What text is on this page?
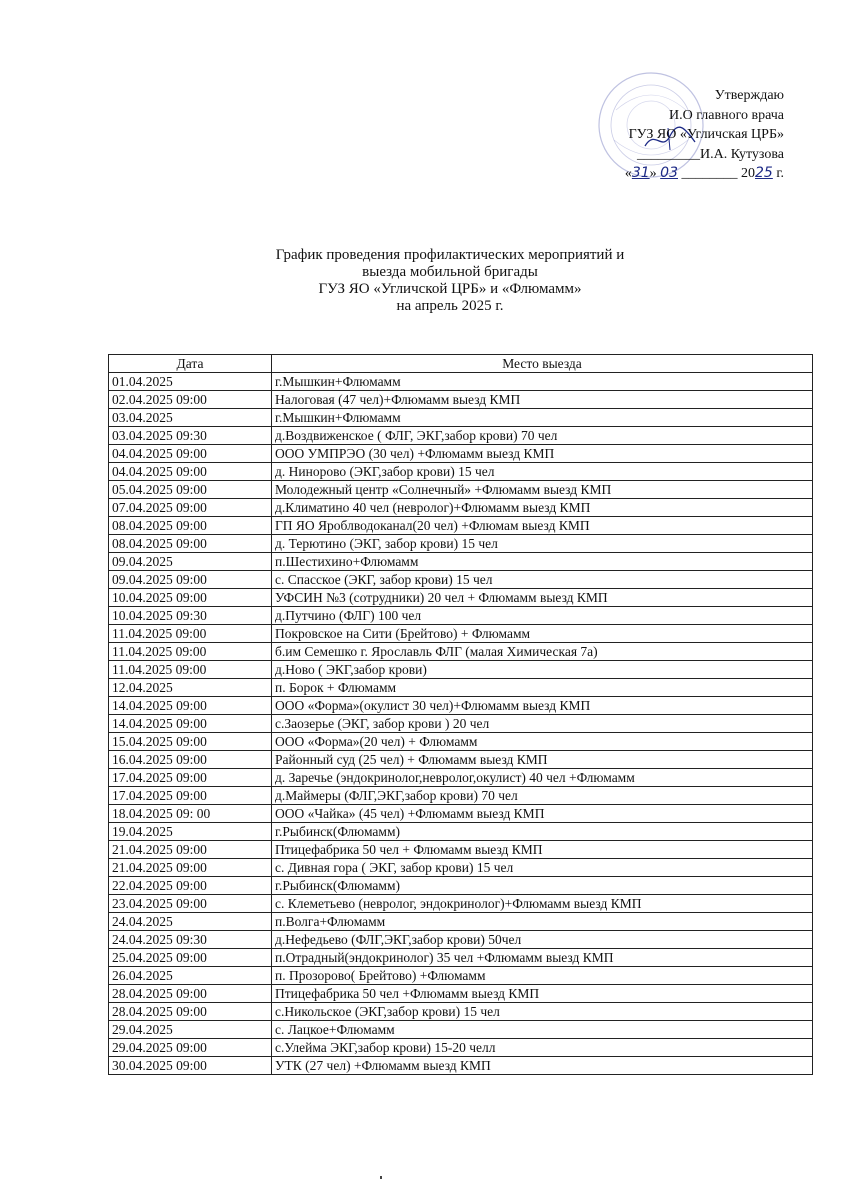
Утверждаю
И.О главного врача
ГУЗ ЯО «Угличская ЦРБ»
_________И.А. Кутузова
«31» 03 ________ 2025 г.
График проведения профилактических мероприятий и
выезда мобильной бригады
ГУЗ ЯО «Угличской ЦРБ» и «Флюмамм»
на апрель 2025 г.
Дата	Место выезда
01.04.2025	г.Мышкин+Флюмамм
02.04.2025 09:00	Налоговая (47 чел)+Флюмамм выезд КМП
03.04.2025	г.Мышкин+Флюмамм
03.04.2025 09:30	д.Воздвиженское ( ФЛГ, ЭКГ,забор крови) 70 чел
04.04.2025 09:00	ООО УМПРЭО (30 чел) +Флюмамм выезд КМП
04.04.2025 09:00	д. Нинорово (ЭКГ,забор крови) 15 чел
05.04.2025 09:00	Молодежный центр «Солнечный» +Флюмамм выезд КМП
07.04.2025 09:00	д.Климатино 40 чел (невролог)+Флюмамм выезд КМП
08.04.2025 09:00	ГП ЯО Яроблводоканал(20 чел) +Флюмам выезд КМП
08.04.2025 09:00	д. Терютино (ЭКГ, забор крови) 15 чел
09.04.2025	п.Шестихино+Флюмамм
09.04.2025 09:00	с. Спасское (ЭКГ, забор крови) 15 чел
10.04.2025 09:00	УФСИН №3 (сотрудники) 20 чел + Флюмамм выезд КМП
10.04.2025 09:30	д.Путчино (ФЛГ) 100 чел
11.04.2025 09:00	Покровское на Сити (Брейтово) + Флюмамм
11.04.2025 09:00	б.им Семешко г. Ярославль ФЛГ (малая Химическая 7а)
11.04.2025 09:00	д.Ново ( ЭКГ,забор крови)
12.04.2025	п. Борок + Флюмамм
14.04.2025 09:00	ООО «Форма»(окулист 30 чел)+Флюмамм выезд КМП
14.04.2025 09:00	с.Заозерье (ЭКГ, забор крови ) 20 чел
15.04.2025 09:00	ООО «Форма»(20 чел) + Флюмамм
16.04.2025 09:00	Районный суд (25 чел) + Флюмамм выезд КМП
17.04.2025 09:00	д. Заречье (эндокринолог,невролог,окулист) 40 чел +Флюмамм
17.04.2025 09:00	д.Маймеры (ФЛГ,ЭКГ,забор крови) 70 чел
18.04.2025 09: 00	ООО «Чайка» (45 чел) +Флюмамм выезд КМП
19.04.2025	г.Рыбинск(Флюмамм)
21.04.2025 09:00	Птицефабрика 50 чел + Флюмамм выезд КМП
21.04.2025 09:00	с. Дивная гора ( ЭКГ, забор крови) 15 чел
22.04.2025 09:00	г.Рыбинск(Флюмамм)
23.04.2025 09:00	с. Клеметьево (невролог, эндокринолог)+Флюмамм выезд КМП
24.04.2025	п.Волга+Флюмамм
24.04.2025 09:30	д.Нефедьево (ФЛГ,ЭКГ,забор крови) 50чел
25.04.2025 09:00	п.Отрадный(эндокринолог) 35 чел +Флюмамм выезд КМП
26.04.2025	п. Прозорово( Брейтово) +Флюмамм
28.04.2025 09:00	Птицефабрика 50 чел +Флюмамм выезд КМП
28.04.2025 09:00	с.Никольское (ЭКГ,забор крови) 15 чел
29.04.2025	с. Лацкое+Флюмамм
29.04.2025 09:00	с.Улейма ЭКГ,забор крови) 15-20 челл
30.04.2025 09:00	УТК (27 чел) +Флюмамм выезд КМП
